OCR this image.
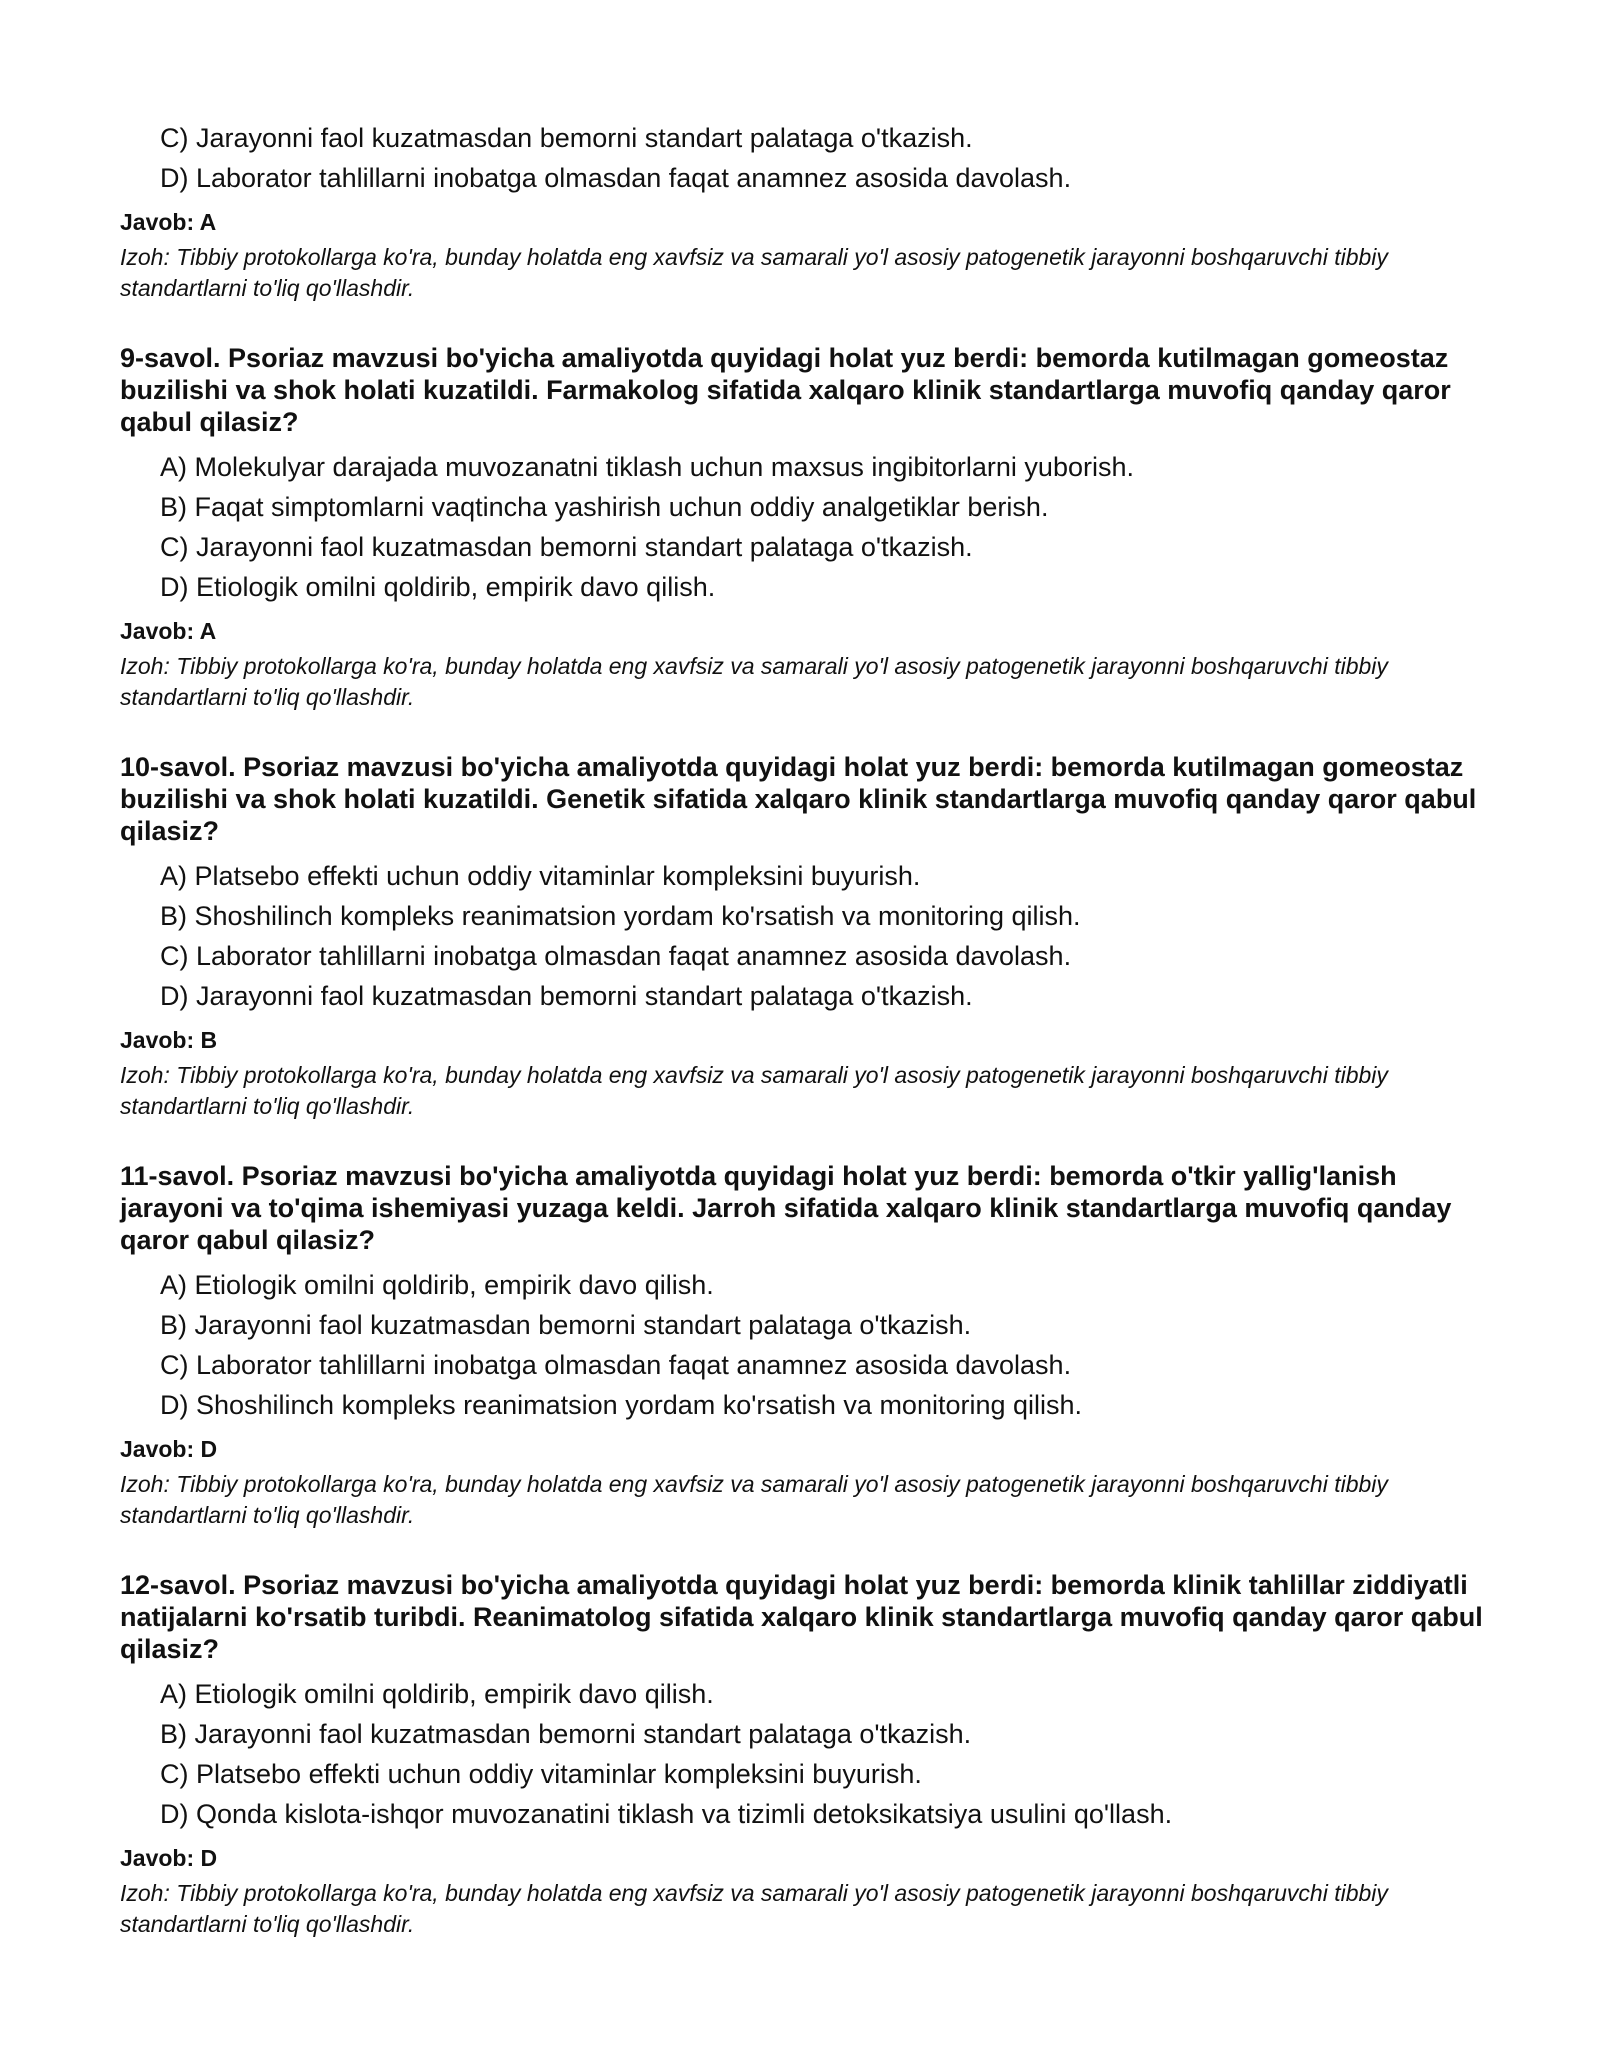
C) Jarayonni faol kuzatmasdan bemorni standart palataga o'tkazish.
D) Laborator tahlillarni inobatga olmasdan faqat anamnez asosida davolash.
Javob: A
Izoh: Tibbiy protokollarga ko'ra, bunday holatda eng xavfsiz va samarali yo'l asosiy patogenetik jarayonni boshqaruvchi tibbiy standartlarni to'liq qo'llashdir.
9-savol. Psoriaz mavzusi bo'yicha amaliyotda quyidagi holat yuz berdi: bemorda kutilmagan gomeostaz buzilishi va shok holati kuzatildi. Farmakolog sifatida xalqaro klinik standartlarga muvofiq qanday qaror qabul qilasiz?
A) Molekulyar darajada muvozanatni tiklash uchun maxsus ingibitorlarni yuborish.
B) Faqat simptomlarni vaqtincha yashirish uchun oddiy analgetiklar berish.
C) Jarayonni faol kuzatmasdan bemorni standart palataga o'tkazish.
D) Etiologik omilni qoldirib, empirik davo qilish.
Javob: A
Izoh: Tibbiy protokollarga ko'ra, bunday holatda eng xavfsiz va samarali yo'l asosiy patogenetik jarayonni boshqaruvchi tibbiy standartlarni to'liq qo'llashdir.
10-savol. Psoriaz mavzusi bo'yicha amaliyotda quyidagi holat yuz berdi: bemorda kutilmagan gomeostaz buzilishi va shok holati kuzatildi. Genetik sifatida xalqaro klinik standartlarga muvofiq qanday qaror qabul qilasiz?
A) Platsebo effekti uchun oddiy vitaminlar kompleksini buyurish.
B) Shoshilinch kompleks reanimatsion yordam ko'rsatish va monitoring qilish.
C) Laborator tahlillarni inobatga olmasdan faqat anamnez asosida davolash.
D) Jarayonni faol kuzatmasdan bemorni standart palataga o'tkazish.
Javob: B
Izoh: Tibbiy protokollarga ko'ra, bunday holatda eng xavfsiz va samarali yo'l asosiy patogenetik jarayonni boshqaruvchi tibbiy standartlarni to'liq qo'llashdir.
11-savol. Psoriaz mavzusi bo'yicha amaliyotda quyidagi holat yuz berdi: bemorda o'tkir yallig'lanish jarayoni va to'qima ishemiyasi yuzaga keldi. Jarroh sifatida xalqaro klinik standartlarga muvofiq qanday qaror qabul qilasiz?
A) Etiologik omilni qoldirib, empirik davo qilish.
B) Jarayonni faol kuzatmasdan bemorni standart palataga o'tkazish.
C) Laborator tahlillarni inobatga olmasdan faqat anamnez asosida davolash.
D) Shoshilinch kompleks reanimatsion yordam ko'rsatish va monitoring qilish.
Javob: D
Izoh: Tibbiy protokollarga ko'ra, bunday holatda eng xavfsiz va samarali yo'l asosiy patogenetik jarayonni boshqaruvchi tibbiy standartlarni to'liq qo'llashdir.
12-savol. Psoriaz mavzusi bo'yicha amaliyotda quyidagi holat yuz berdi: bemorda klinik tahlillar ziddiyatli natijalarni ko'rsatib turibdi. Reanimatolog sifatida xalqaro klinik standartlarga muvofiq qanday qaror qabul qilasiz?
A) Etiologik omilni qoldirib, empirik davo qilish.
B) Jarayonni faol kuzatmasdan bemorni standart palataga o'tkazish.
C) Platsebo effekti uchun oddiy vitaminlar kompleksini buyurish.
D) Qonda kislota-ishqor muvozanatini tiklash va tizimli detoksikatsiya usulini qo'llash.
Javob: D
Izoh: Tibbiy protokollarga ko'ra, bunday holatda eng xavfsiz va samarali yo'l asosiy patogenetik jarayonni boshqaruvchi tibbiy standartlarni to'liq qo'llashdir.
